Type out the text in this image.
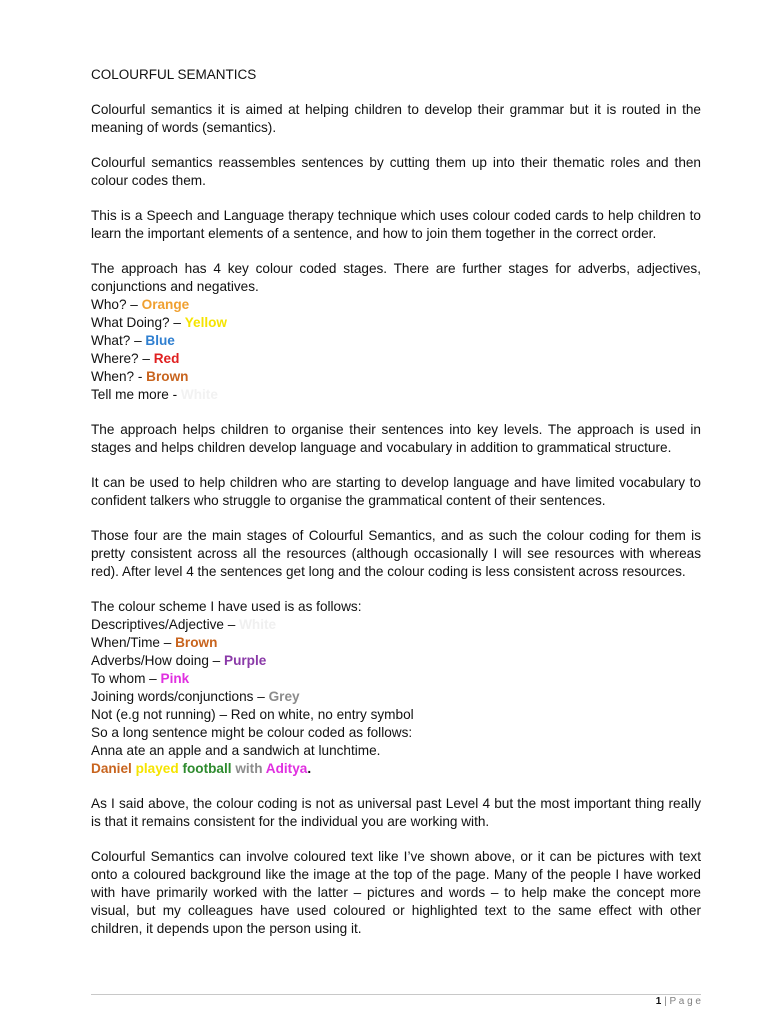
COLOURFUL SEMANTICS

Colourful semantics it is aimed at helping children to develop their grammar but it is routed in the meaning of words (semantics).

Colourful semantics reassembles sentences by cutting them up into their thematic roles and then colour codes them.

This is a Speech and Language therapy technique which uses colour coded cards to help children to learn the important elements of a sentence, and how to join them together in the correct order.

The approach has 4 key colour coded stages. There are further stages for adverbs, adjectives, conjunctions and negatives.
Who? – Orange
What Doing? – Yellow
What? – Blue
Where? – Red
When? - Brown
Tell me more - White

The approach helps children to organise their sentences into key levels. The approach is used in stages and helps children develop language and vocabulary in addition to grammatical structure.

It can be used to help children who are starting to develop language and have limited vocabulary to confident talkers who struggle to organise the grammatical content of their sentences.

Those four are the main stages of Colourful Semantics, and as such the colour coding for them is pretty consistent across all the resources (although occasionally I will see resources with whereas red). After level 4 the sentences get long and the colour coding is less consistent across resources.

The colour scheme I have used is as follows:
Descriptives/Adjective – White
When/Time – Brown
Adverbs/How doing – Purple
To whom – Pink
Joining words/conjunctions – Grey
Not (e.g not running) – Red on white, no entry symbol
So a long sentence might be colour coded as follows:
Anna ate an apple and a sandwich at lunchtime.
Daniel played football with Aditya.

As I said above, the colour coding is not as universal past Level 4 but the most important thing really is that it remains consistent for the individual you are working with.

Colourful Semantics can involve coloured text like I’ve shown above, or it can be pictures with text onto a coloured background like the image at the top of the page. Many of the people I have worked with have primarily worked with the latter – pictures and words – to help make the concept more visual, but my colleagues have used coloured or highlighted text to the same effect with other children, it depends upon the person using it.

1 | P a g e
